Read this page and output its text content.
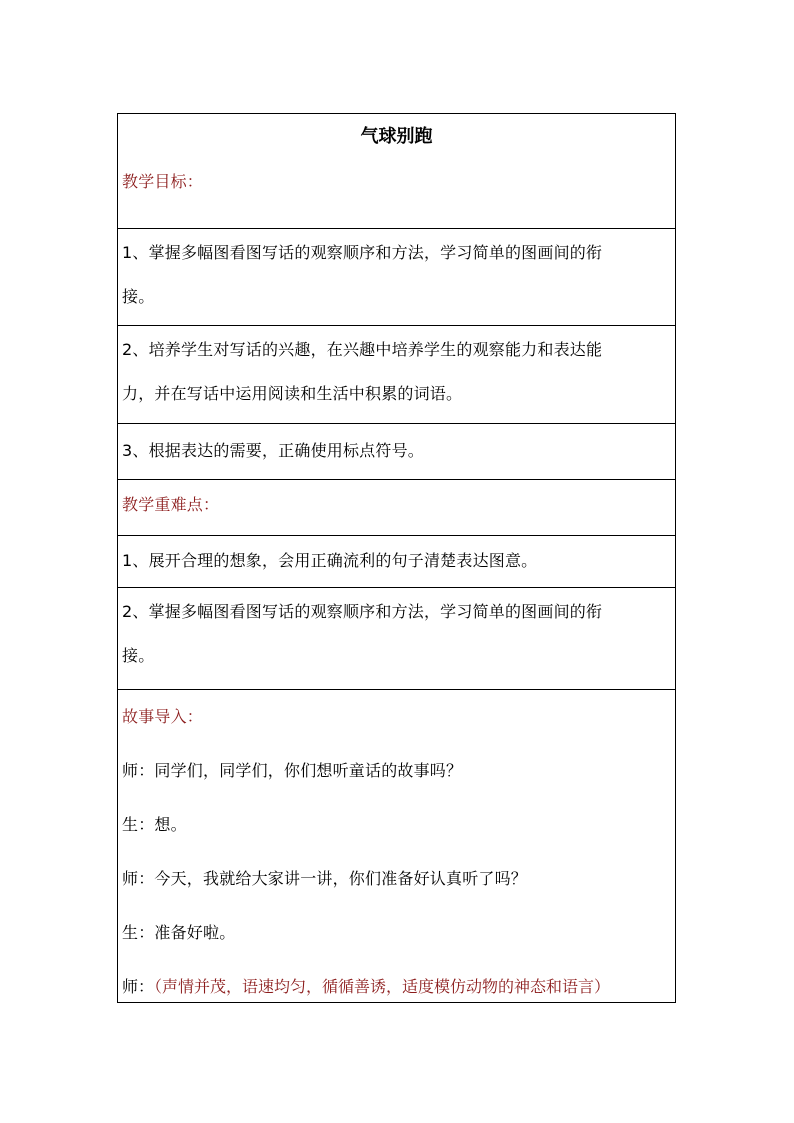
气球别跑
教学目标：
1、掌握多幅图看图写话的观察顺序和方法，学习简单的图画间的衔
接。
2、培养学生对写话的兴趣，在兴趣中培养学生的观察能力和表达能
力，并在写话中运用阅读和生活中积累的词语。
3、根据表达的需要，正确使用标点符号。
教学重难点：
1、展开合理的想象，会用正确流利的句子清楚表达图意。
2、掌握多幅图看图写话的观察顺序和方法，学习简单的图画间的衔
接。
故事导入：
师：同学们，同学们，你们想听童话的故事吗？
生：想。
师：今天，我就给大家讲一讲，你们准备好认真听了吗？
生：准备好啦。
师：（声情并茂，语速均匀，循循善诱，适度模仿动物的神态和语言）
